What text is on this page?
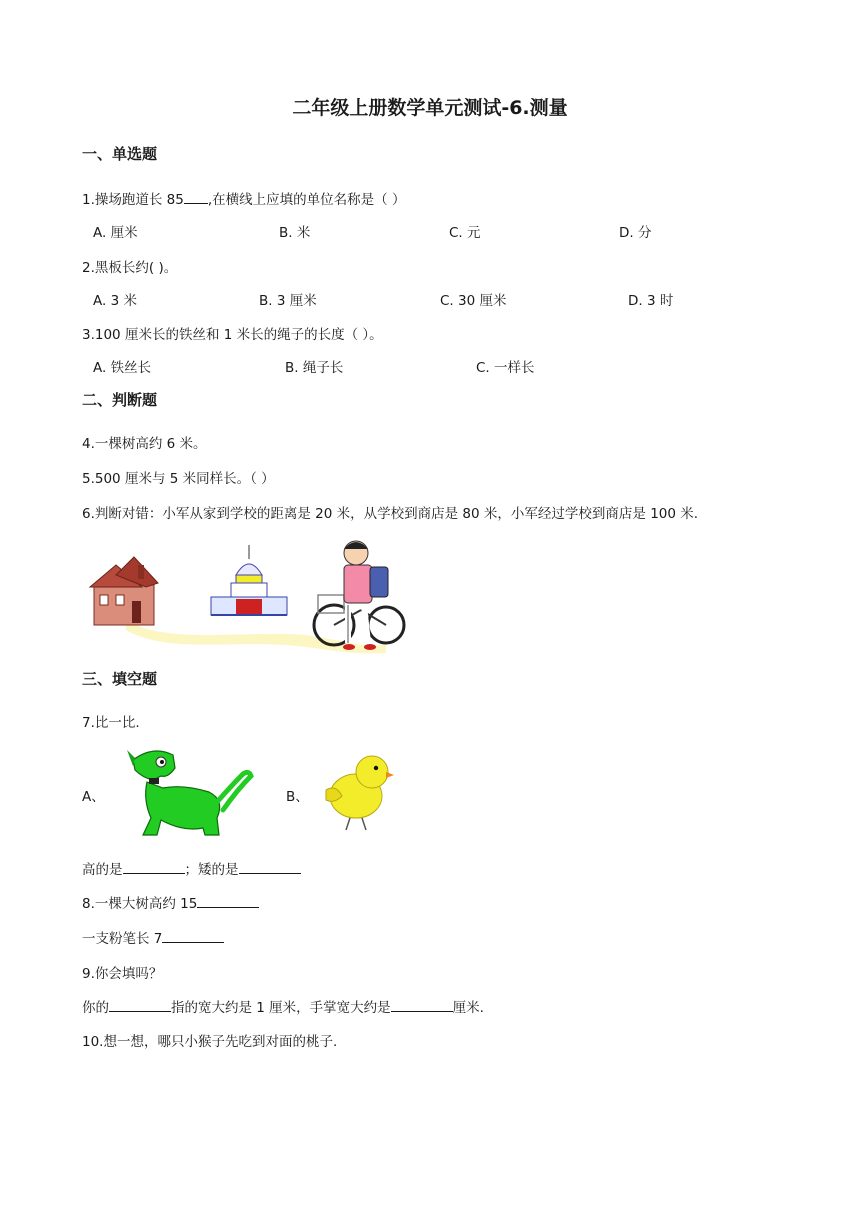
二年级上册数学单元测试-6.测量
一、单选题
1.操场跑道长 85 ,在横线上应填的单位名称是（ ）
A. 厘米	B. 米	C. 元	D. 分
2.黑板长约( )。
A. 3 米	B. 3 厘米	C. 30 厘米	D. 3 时
3.100 厘米长的铁丝和 1 米长的绳子的长度（ ）。
A. 铁丝长	B. 绳子长	C. 一样长
二、判断题
4.一棵树高约 6 米。
5.500 厘米与 5 米同样长。（ ）
6.判断对错：小军从家到学校的距离是 20 米，从学校到商店是 80 米，小军经过学校到商店是 100 米.
三、填空题
7.比一比.
A、	B、
高的是	；矮的是
8.一棵大树高约 15
一支粉笔长 7
9.你会填吗？
你的	指的宽大约是 1 厘米，手掌宽大约是	厘米.
10.想一想，哪只小猴子先吃到对面的桃子.
